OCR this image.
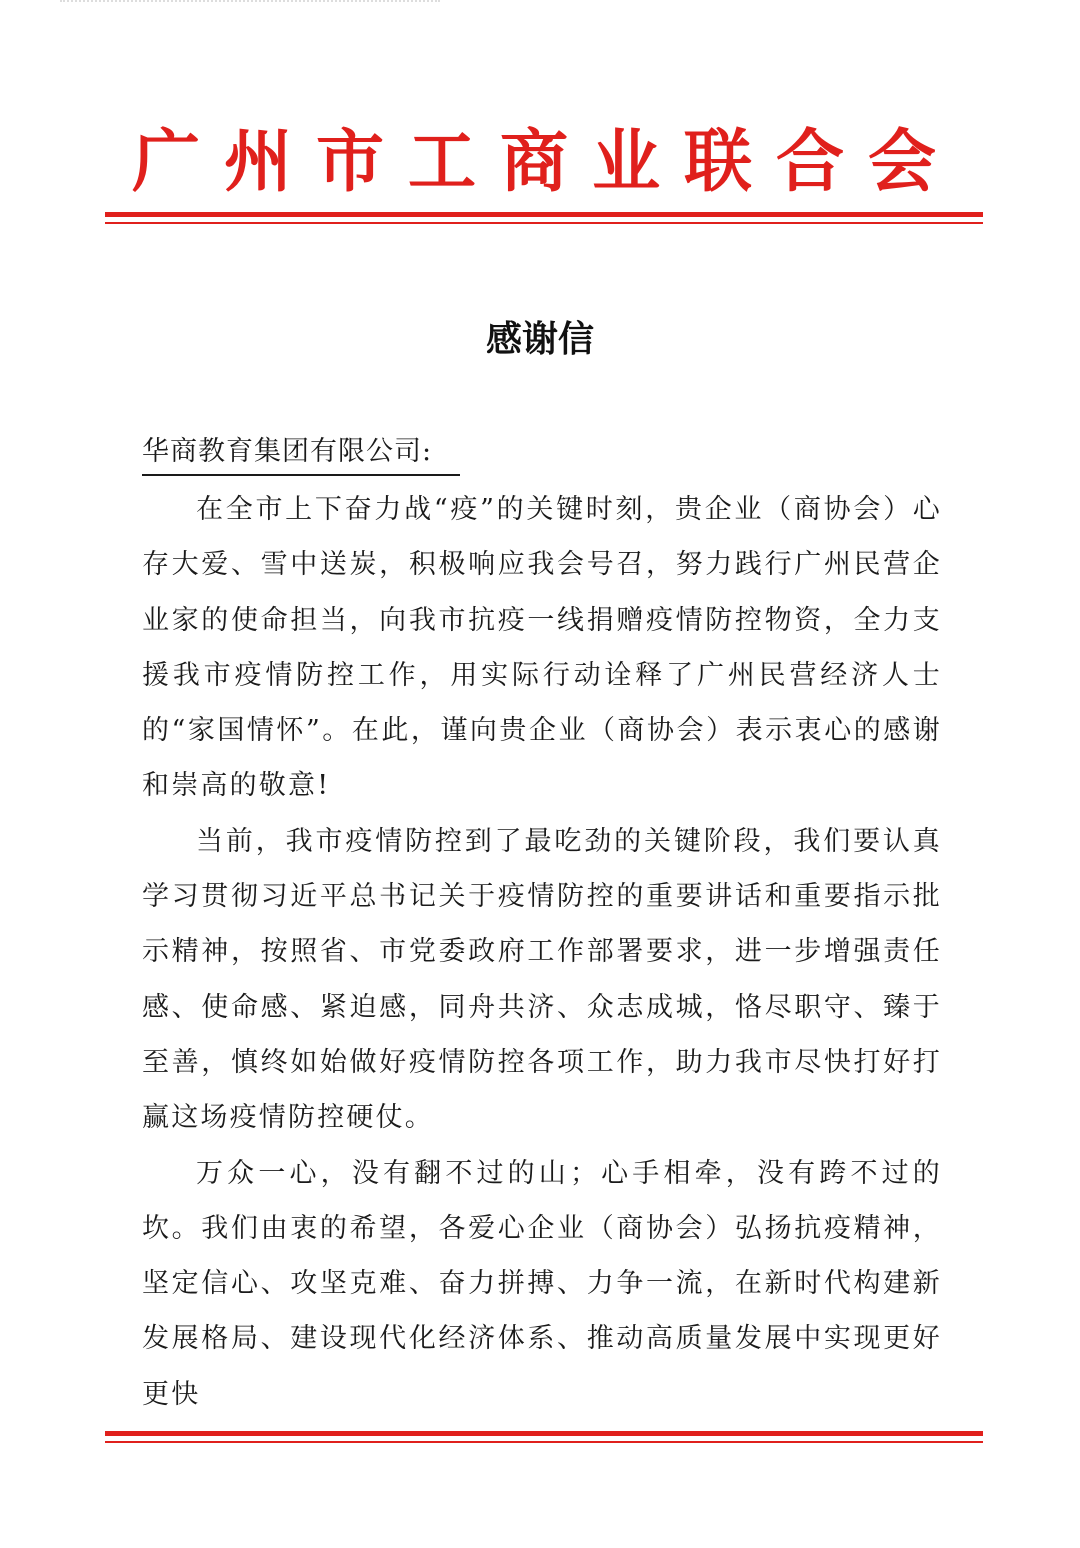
广州市工商业联合会
感谢信
华商教育集团有限公司:

在全市上下奋力战“疫”的关键时刻，贵企业（商协会）心存大爱、雪中送炭，积极响应我会号召，努力践行广州民营企业家的使命担当，向我市抗疫一线捐赠疫情防控物资，全力支援我市疫情防控工作，用实际行动诠释了广州民营经济人士的“家国情怀”。在此，谨向贵企业（商协会）表示衷心的感谢和崇高的敬意!

当前，我市疫情防控到了最吃劲的关键阶段，我们要认真学习贯彻习近平总书记关于疫情防控的重要讲话和重要指示批示精神，按照省、市党委政府工作部署要求，进一步增强责任感、使命感、紧迫感，同舟共济、众志成城，恪尽职守、臻于至善，慎终如始做好疫情防控各项工作，助力我市尽快打好打赢这场疫情防控硬仗。

万众一心，没有翻不过的山；心手相牵，没有跨不过的坎。我们由衷的希望，各爱心企业（商协会）弘扬抗疫精神，坚定信心、攻坚克难、奋力拼搏、力争一流，在新时代构建新发展格局、建设现代化经济体系、推动高质量发展中实现更好更快
